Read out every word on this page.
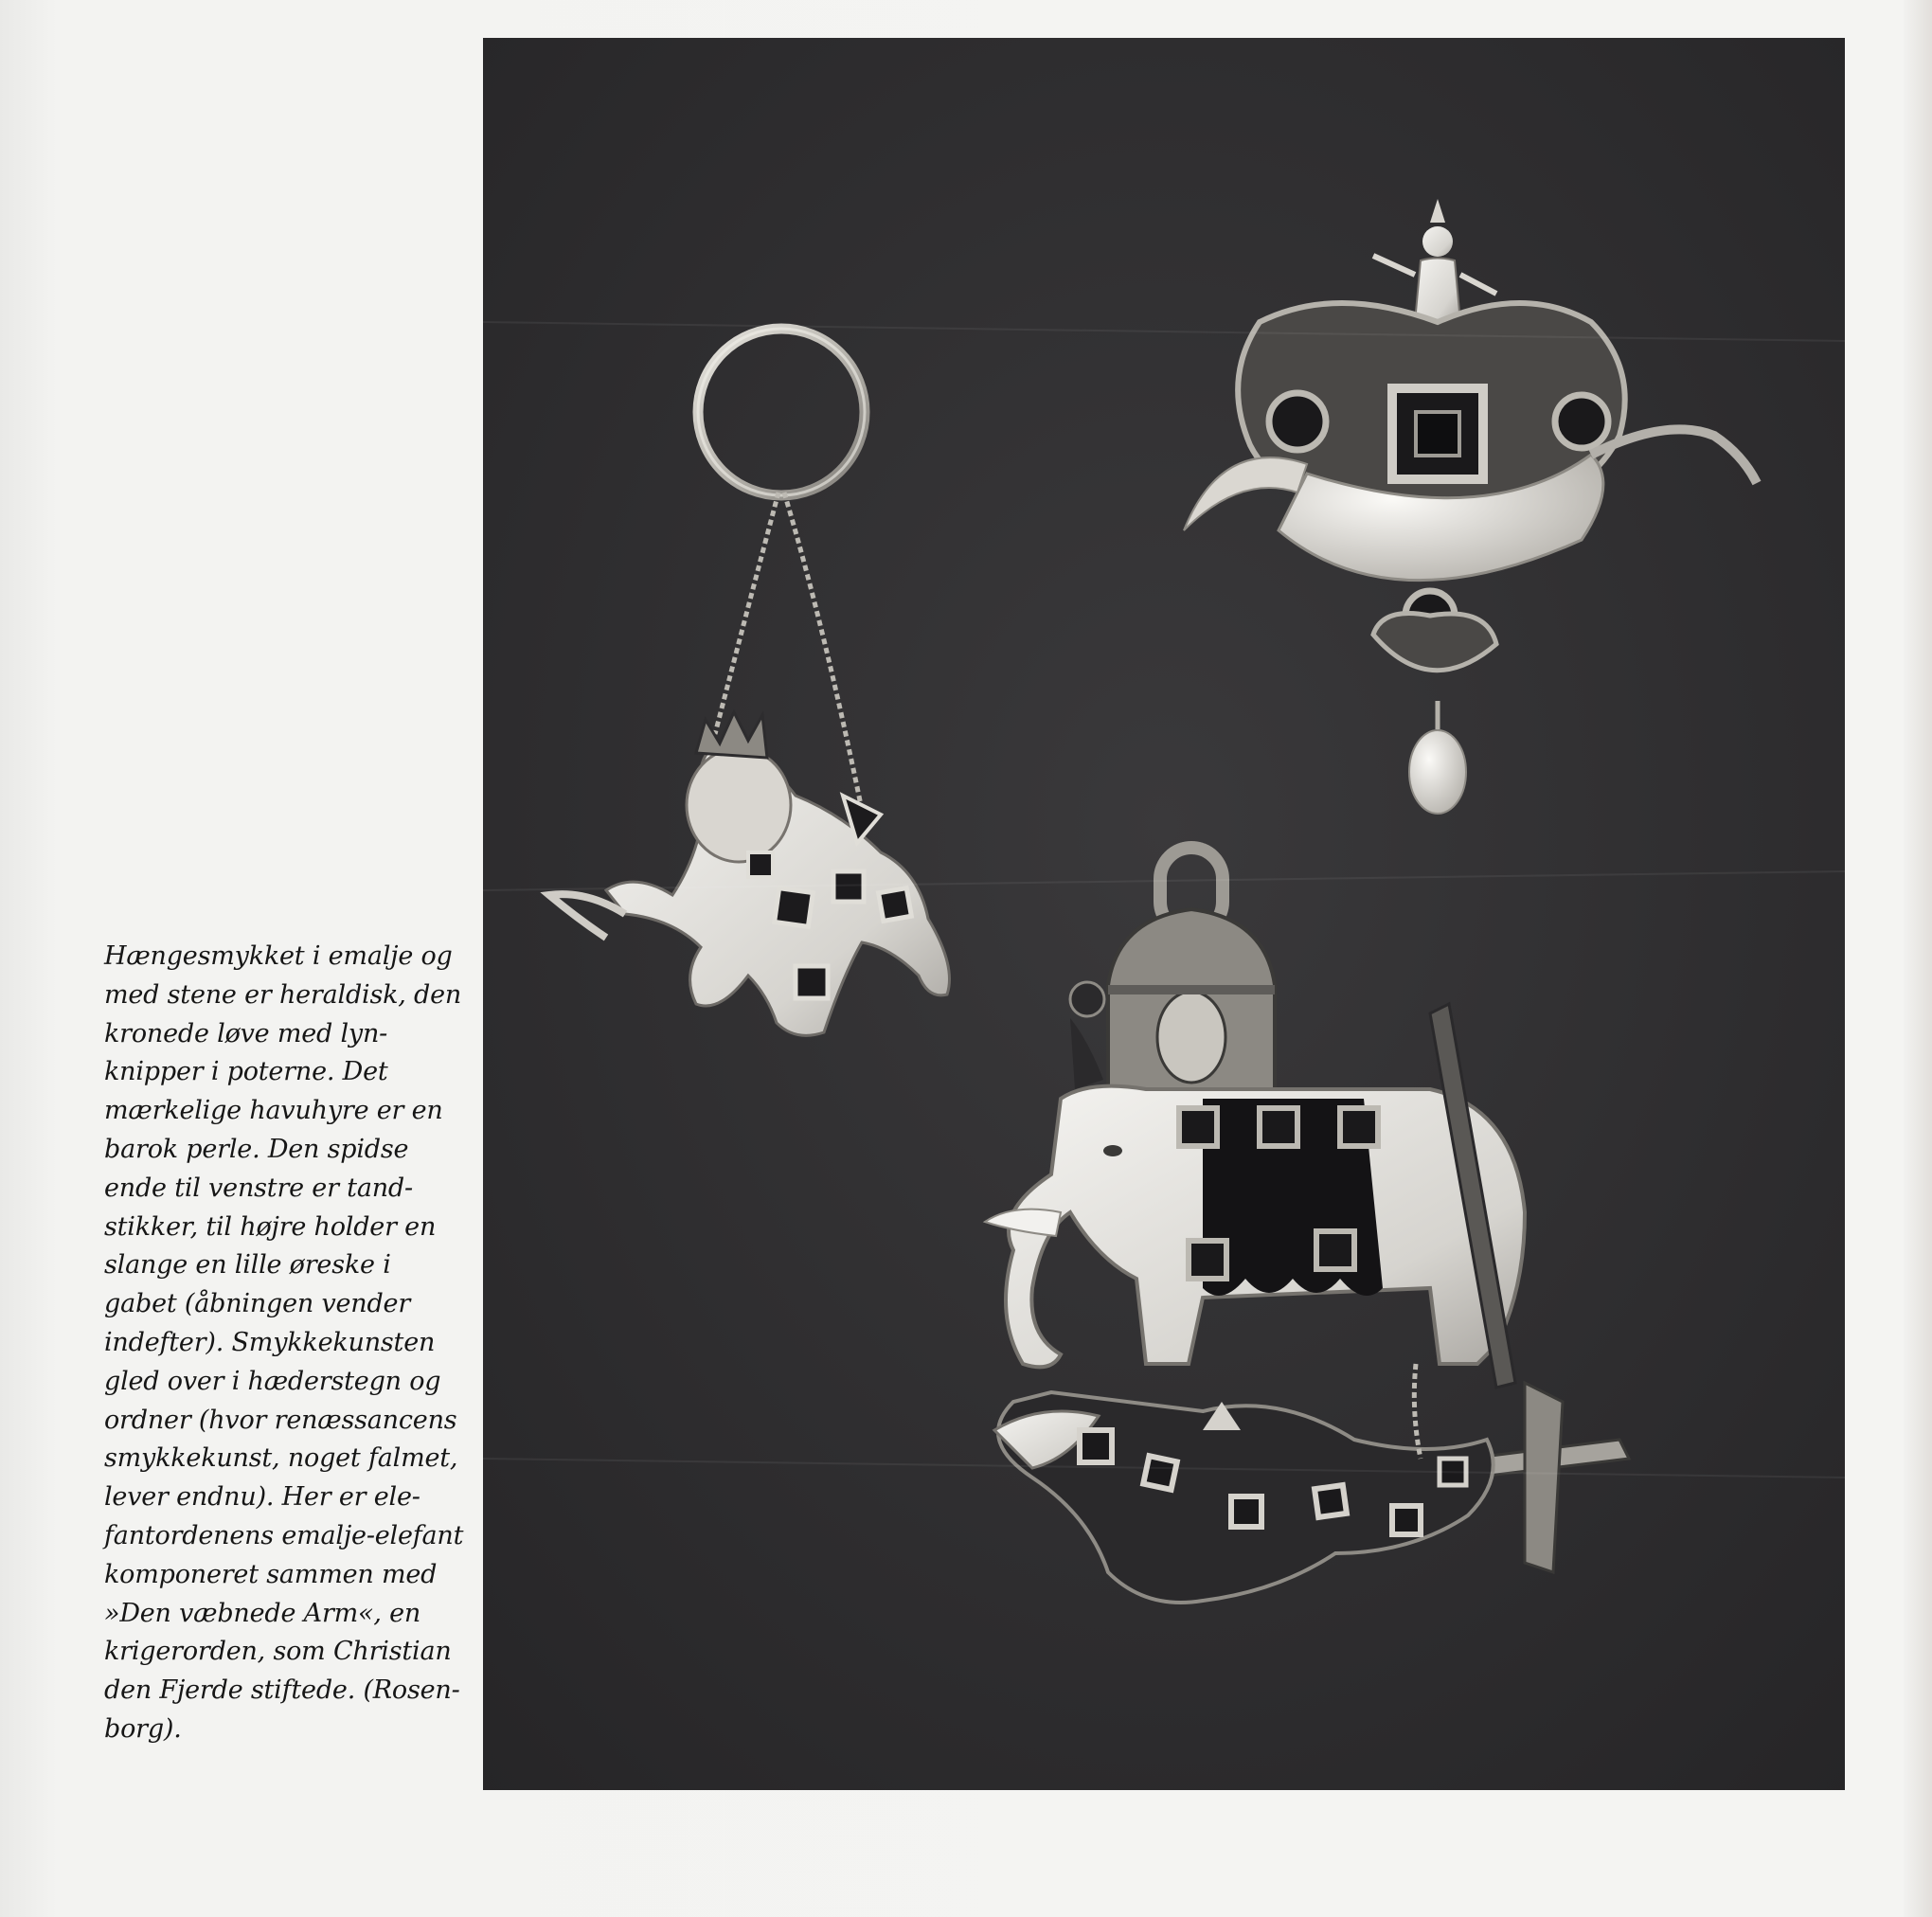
Hængesmykket i emalje og
med stene er heraldisk, den
kronede løve med lyn-
knipper i poterne. Det
mærkelige havuhyre er en
barok perle. Den spidse
ende til venstre er tand-
stikker, til højre holder en
slange en lille øreske i
gabet (åbningen vender
indefter). Smykkekunsten
gled over i hæderstegn og
ordner (hvor renæssancens
smykkekunst, noget falmet,
lever endnu). Her er ele-
fantordenens emalje-elefant
komponeret sammen med
»Den væbnede Arm«, en
krigerorden, som Christian
den Fjerde stiftede. (Rosen-
borg).
